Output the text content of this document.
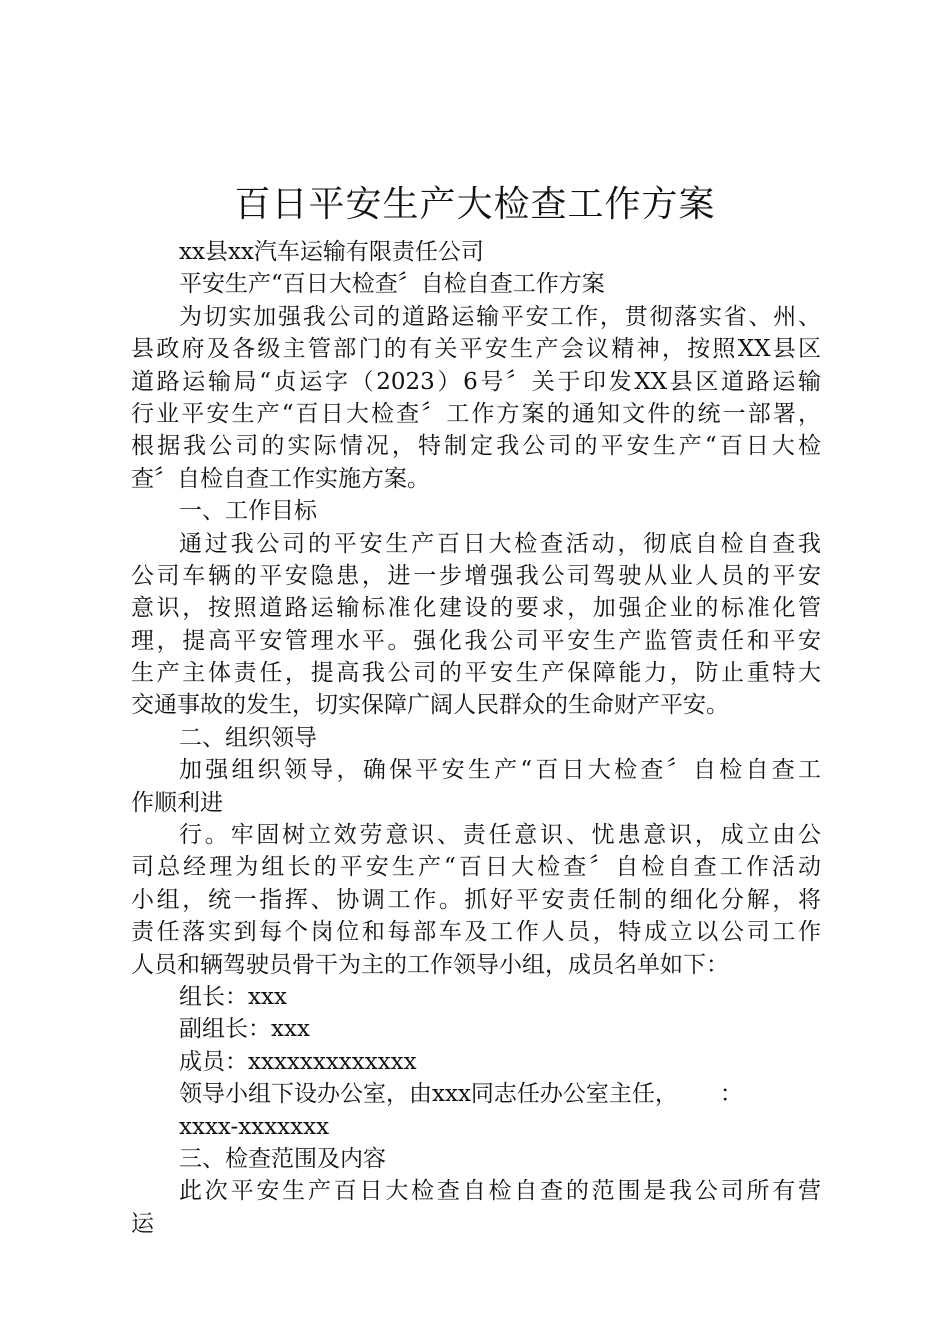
百日平安生产大检查工作方案
xx县xx汽车运输有限责任公司
平安生产“百日大检查〞自检自查工作方案
为切实加强我公司的道路运输平安工作，贯彻落实省、州、
县政府及各级主管部门的有关平安生产会议精神，按照XX县区
道路运输局“贞运字（2023）6号〞关于印发XX县区道路运输
行业平安生产“百日大检查〞工作方案的通知文件的统一部署，
根据我公司的实际情况，特制定我公司的平安生产“百日大检
查〞自检自查工作实施方案。
一、工作目标
通过我公司的平安生产百日大检查活动，彻底自检自查我
公司车辆的平安隐患，进一步增强我公司驾驶从业人员的平安
意识，按照道路运输标准化建设的要求，加强企业的标准化管
理，提高平安管理水平。强化我公司平安生产监管责任和平安
生产主体责任，提高我公司的平安生产保障能力，防止重特大
交通事故的发生，切实保障广阔人民群众的生命财产平安。
二、组织领导
加强组织领导，确保平安生产“百日大检查〞自检自查工
作顺利进
行。牢固树立效劳意识、责任意识、忧患意识，成立由公
司总经理为组长的平安生产“百日大检查〞自检自查工作活动
小组，统一指挥、协调工作。抓好平安责任制的细化分解，将
责任落实到每个岗位和每部车及工作人员，特成立以公司工作
人员和辆驾驶员骨干为主的工作领导小组，成员名单如下：
组长：xxx
副组长：xxx
成员：xxxxxxxxxxxxx
领导小组下设办公室，由xxx同志任办公室主任， ：
xxxx-xxxxxxx
三、检查范围及内容
此次平安生产百日大检查自检自查的范围是我公司所有营
运
